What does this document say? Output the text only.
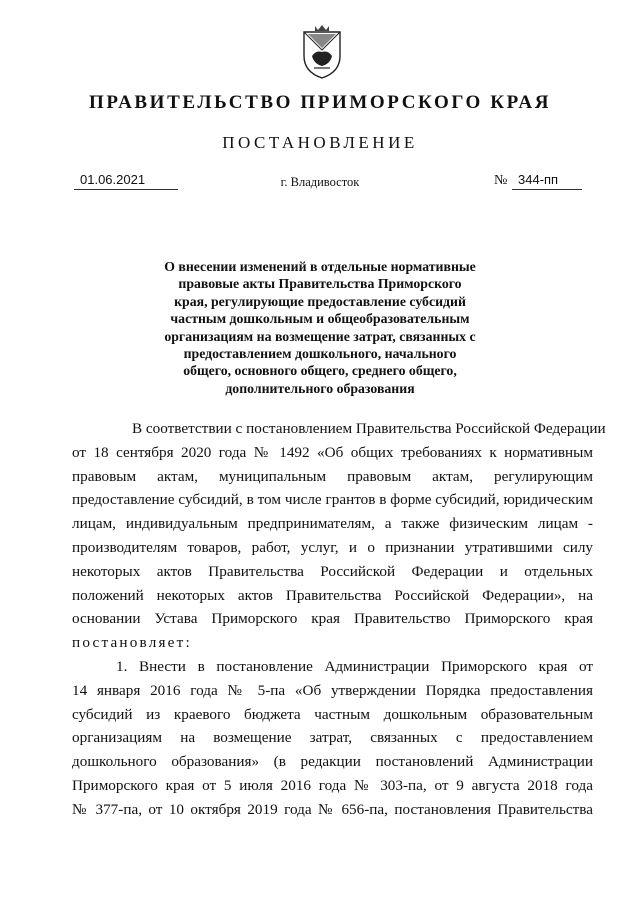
ПРАВИТЕЛЬСТВО ПРИМОРСКОГО КРАЯ
ПОСТАНОВЛЕНИЕ
01.06.2021	г. Владивосток	№ 344-пп
О внесении изменений в отдельные нормативные
правовые акты Правительства Приморского
края, регулирующие предоставление субсидий
частным дошкольным и общеобразовательным
организациям на возмещение затрат, связанных с
предоставлением дошкольного, начального
общего, основного общего, среднего общего,
дополнительного образования
В соответствии с постановлением Правительства Российской Федерации
от 18 сентября 2020 года № 1492 «Об общих требованиях к нормативным
правовым актам, муниципальным правовым актам, регулирующим
предоставление субсидий, в том числе грантов в форме субсидий, юридическим
лицам, индивидуальным предпринимателям, а также физическим лицам -
производителям товаров, работ, услуг, и о признании утратившими силу
некоторых актов Правительства Российской Федерации и отдельных
положений некоторых актов Правительства Российской Федерации», на
основании Устава Приморского края Правительство Приморского края
постановляет:
1. Внести в постановление Администрации Приморского края от
14 января 2016 года № 5-па «Об утверждении Порядка предоставления
субсидий из краевого бюджета частным дошкольным образовательным
организациям на возмещение затрат, связанных с предоставлением
дошкольного образования» (в редакции постановлений Администрации
Приморского края от 5 июля 2016 года № 303-па, от 9 августа 2018 года
№ 377-па, от 10 октября 2019 года № 656-па, постановления Правительства
